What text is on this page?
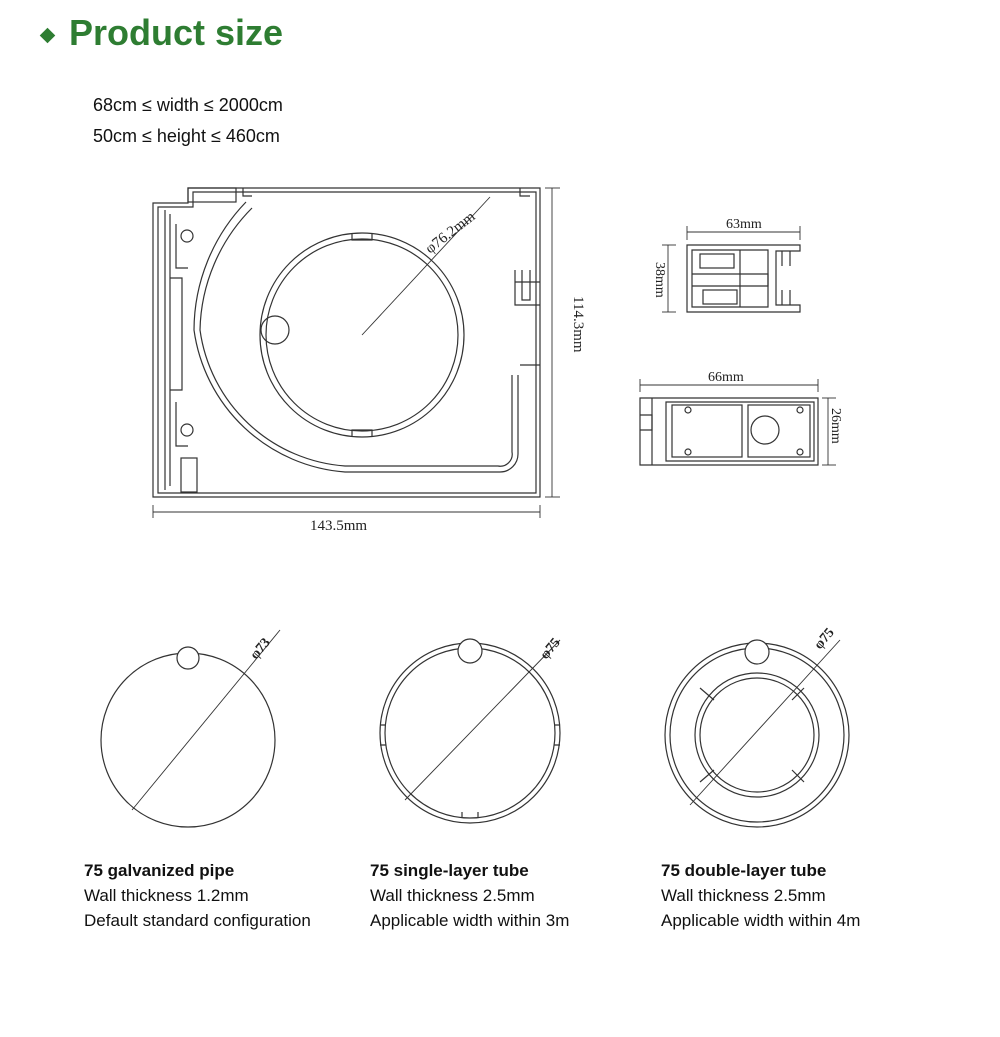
Product size
68cm ≤ width ≤ 2000cm
50cm ≤ height ≤ 460cm
φ76.2mm
114.3mm
143.5mm
63mm
38mm
66mm
26mm
φ73	φ75	φ75
75 galvanized pipe
Wall thickness 1.2mm
Default standard configuration
75 single-layer tube
Wall thickness 2.5mm
Applicable width within 3m
75 double-layer tube
Wall thickness 2.5mm
Applicable width within 4m
